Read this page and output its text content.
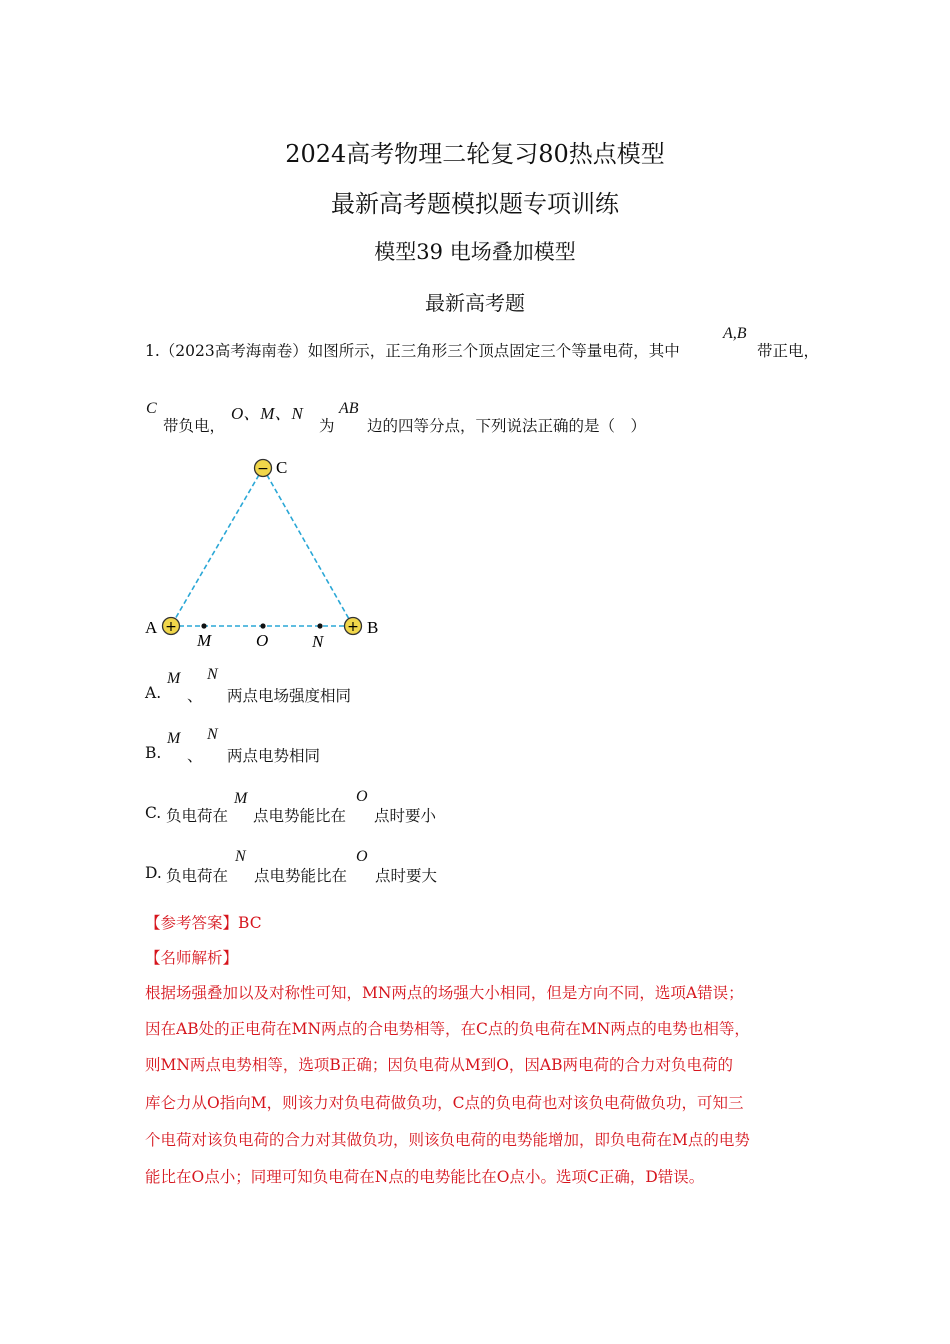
2024高考物理二轮复习80热点模型
最新高考题模拟题专项训练
模型39 电场叠加模型
最新高考题
1.（2023高考海南卷）如图所示，正三角形三个顶点固定三个等量电荷，其中
A,B
带正电，
C
带负电，
O、M、N
为
AB
边的四等分点，下列说法正确的是（　）
−
+	+
C
A	B
M	O	N
A.
M
、
N
两点电场强度相同
B.
M
、
N
两点电势相同
C. 负电荷在
M
点电势能比在
O
点时要小
D. 负电荷在
N
点电势能比在
O
点时要大
【参考答案】BC
【名师解析】
根据场强叠加以及对称性可知，MN两点的场强大小相同，但是方向不同，选项A错误；
因在AB处的正电荷在MN两点的合电势相等，在C点的负电荷在MN两点的电势也相等，
则MN两点电势相等，选项B正确；因负电荷从M到O，因AB两电荷的合力对负电荷的
库仑力从O指向M，则该力对负电荷做负功，C点的负电荷也对该负电荷做负功，可知三
个电荷对该负电荷的合力对其做负功，则该负电荷的电势能增加，即负电荷在M点的电势
能比在O点小；同理可知负电荷在N点的电势能比在O点小。选项C正确，D错误。
